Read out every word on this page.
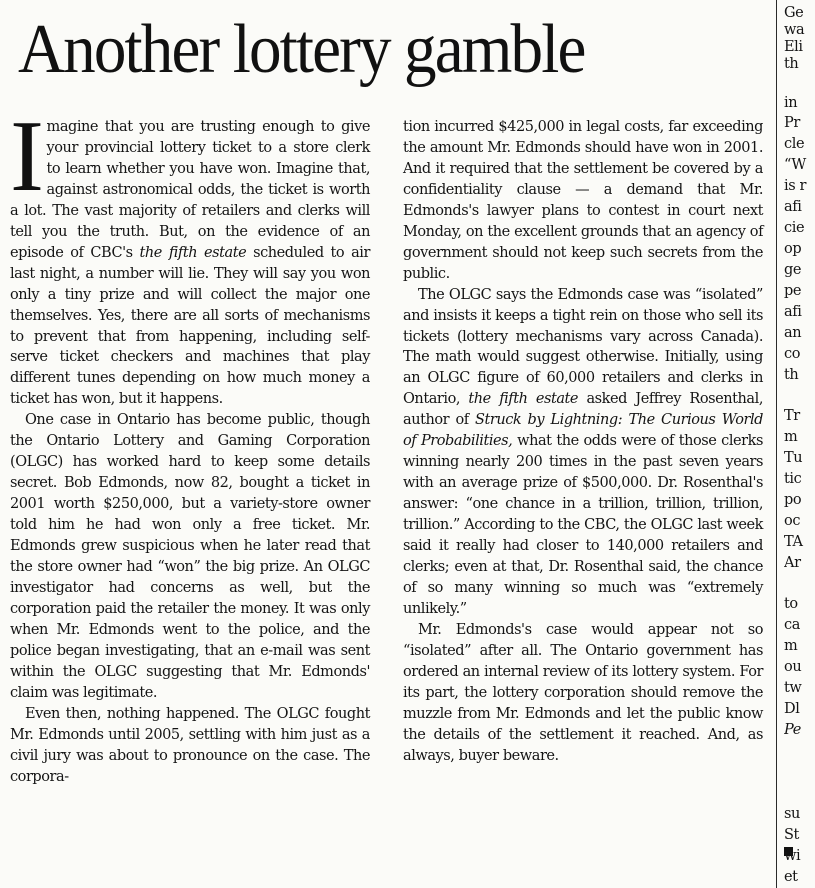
Another lottery gamble

Imagine that you are trusting enough to give your provincial lottery ticket to a store clerk to learn whether you have won. Imagine that, against astronomical odds, the ticket is worth a lot. The vast majority of retailers and clerks will tell you the truth. But, on the evidence of an episode of CBC's the fifth estate scheduled to air last night, a number will lie. They will say you won only a tiny prize and will collect the major one themselves. Yes, there are all sorts of mechanisms to prevent that from happening, including self-serve ticket checkers and machines that play different tunes depending on how much money a ticket has won, but it happens.

One case in Ontario has become public, though the Ontario Lottery and Gaming Corporation (OLGC) has worked hard to keep some details secret. Bob Edmonds, now 82, bought a ticket in 2001 worth $250,000, but a variety-store owner told him he had won only a free ticket. Mr. Edmonds grew suspicious when he later read that the store owner had “won” the big prize. An OLGC investigator had concerns as well, but the corporation paid the retailer the money. It was only when Mr. Edmonds went to the police, and the police began investigating, that an e-mail was sent within the OLGC suggesting that Mr. Edmonds' claim was legitimate.

Even then, nothing happened. The OLGC fought Mr. Edmonds until 2005, settling with him just as a civil jury was about to pronounce on the case. The corpora-

tion incurred $425,000 in legal costs, far exceeding the amount Mr. Edmonds should have won in 2001. And it required that the settlement be covered by a confidentiality clause — a demand that Mr. Edmonds's lawyer plans to contest in court next Monday, on the excellent grounds that an agency of government should not keep such secrets from the public.

The OLGC says the Edmonds case was “isolated” and insists it keeps a tight rein on those who sell its tickets (lottery mechanisms vary across Canada). The math would suggest otherwise. Initially, using an OLGC figure of 60,000 retailers and clerks in Ontario, the fifth estate asked Jeffrey Rosenthal, author of Struck by Lightning: The Curious World of Probabilities, what the odds were of those clerks winning nearly 200 times in the past seven years with an average prize of $500,000. Dr. Rosenthal's answer: “one chance in a trillion, trillion, trillion, trillion.” According to the CBC, the OLGC last week said it really had closer to 140,000 retailers and clerks; even at that, Dr. Rosenthal said, the chance of so many winning so much was “extremely unlikely.”

Mr. Edmonds's case would appear not so “isolated” after all. The Ontario government has ordered an internal review of its lottery system. For its part, the lottery corporation should remove the muzzle from Mr. Edmonds and let the public know the details of the settlement it reached. And, as always, buyer beware.

Ge
wa
Eli
th
in
Pr
cle
“W
is r
afi
cie
op
ge
pe
afi
an
co
th
Tr
m
Tu
tic
po
oc
TA
Ar
to
ca
m
ou
tw
Dl
Pe
su
St
wi
et
